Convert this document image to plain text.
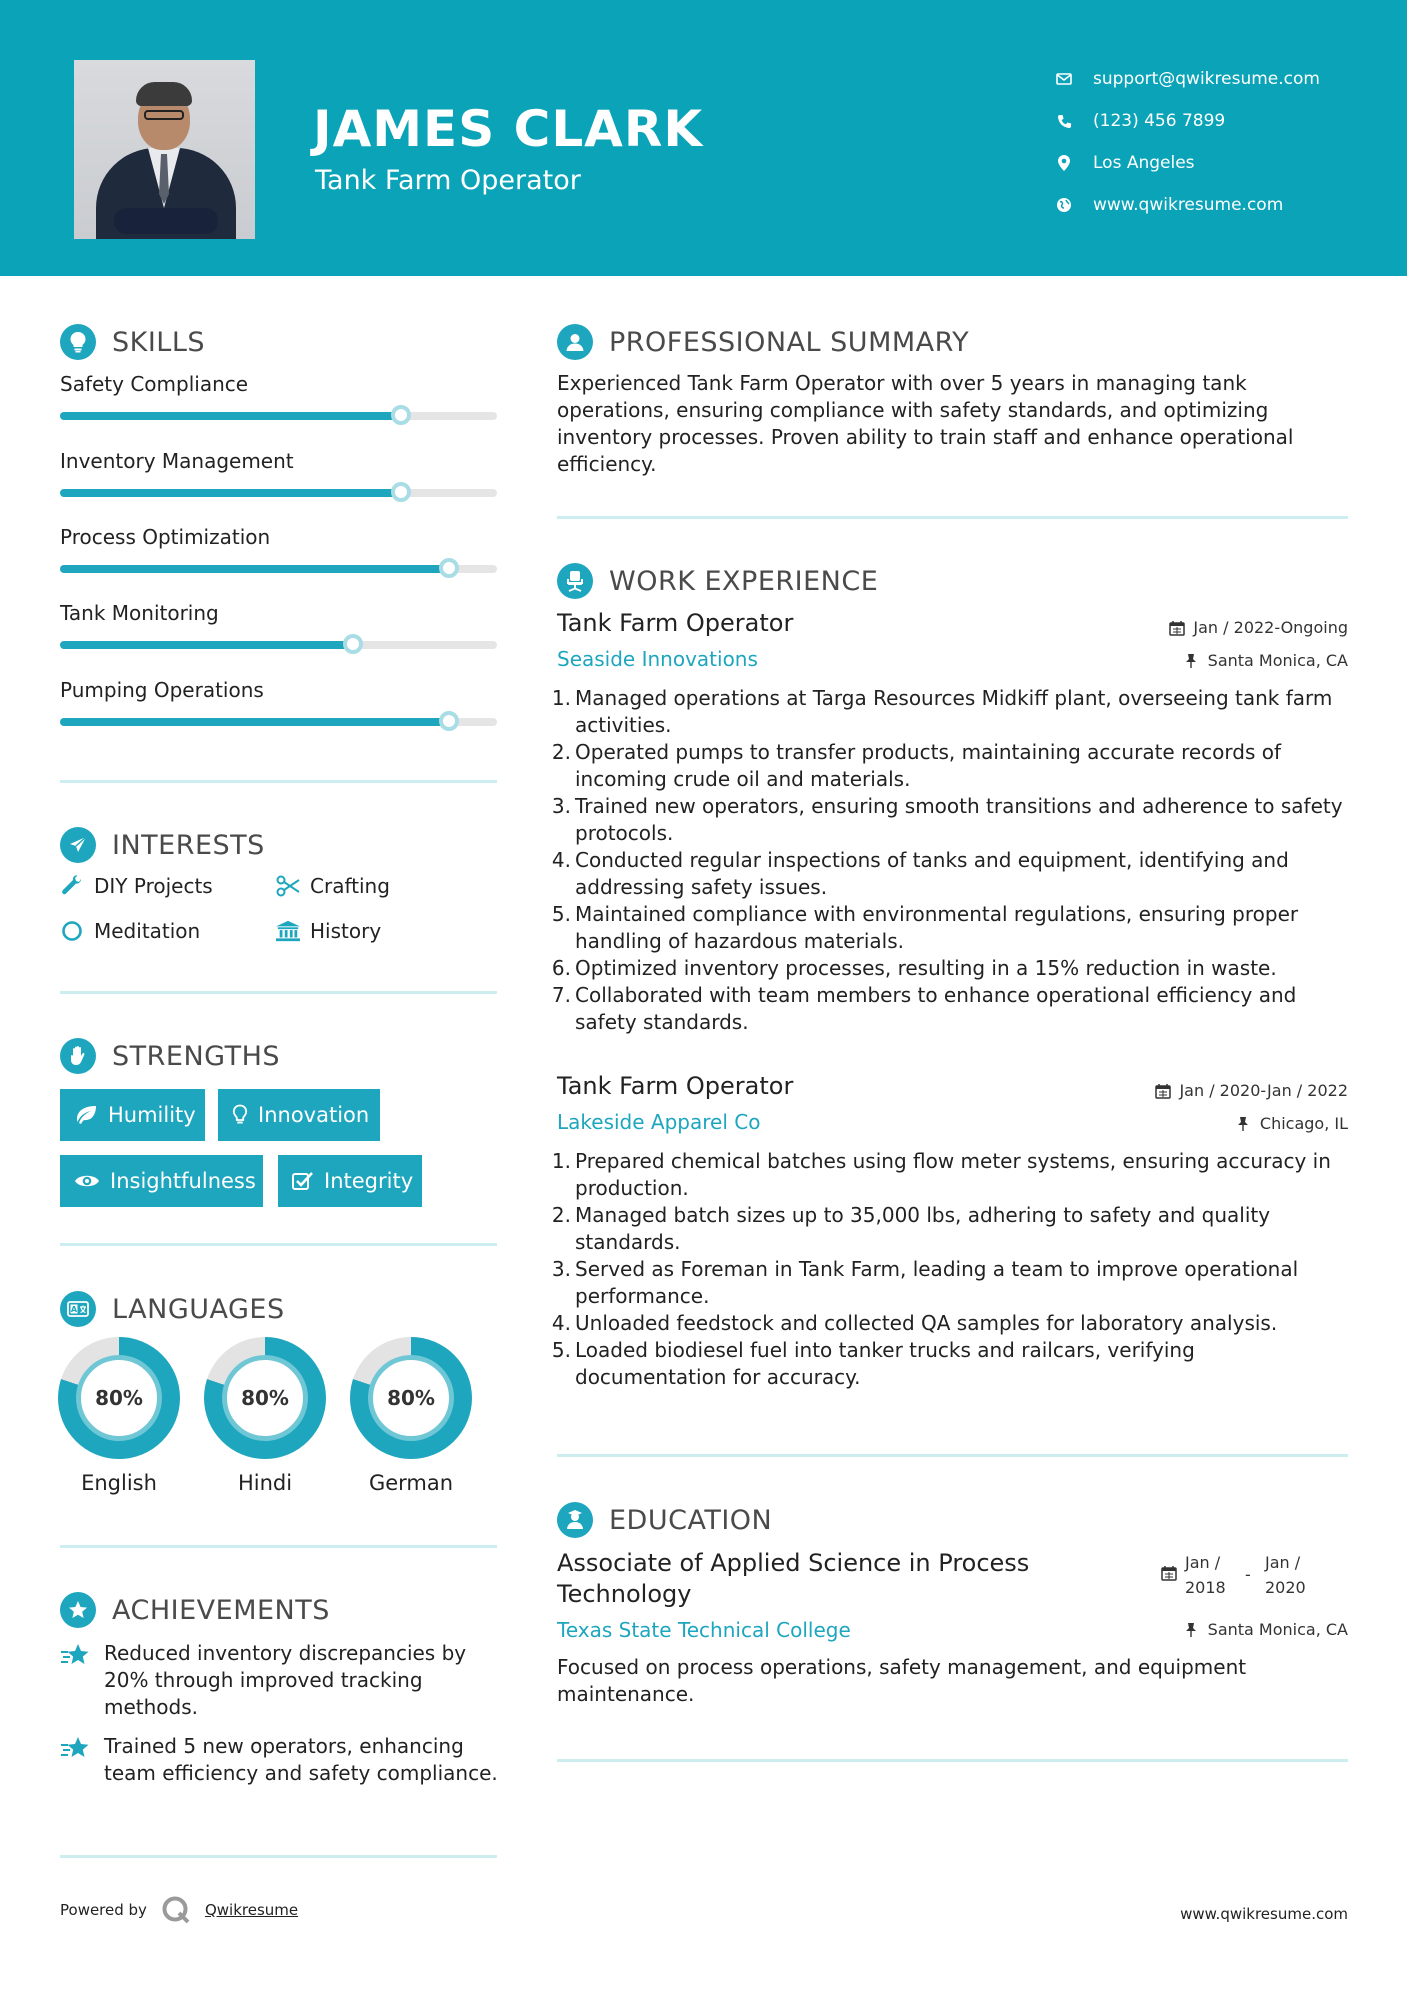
JAMES CLARK
Tank Farm Operator
support@qwikresume.com
(123) 456 7899
Los Angeles
www.qwikresume.com
SKILLS
Safety Compliance
Inventory Management
Process Optimization
Tank Monitoring
Pumping Operations
INTERESTS
DIY Projects	Crafting
Meditation	History
STRENGTHS
Humility	Innovation
Insightfulness	Integrity
A LANGUAGES
80%
English
80%
Hindi
80%
German
ACHIEVEMENTS
Reduced inventory discrepancies by 20% through improved tracking methods.
Trained 5 new operators, enhancing team efficiency and safety compliance.
PROFESSIONAL SUMMARY
Experienced Tank Farm Operator with over 5 years in managing tank operations, ensuring compliance with safety standards, and optimizing inventory processes. Proven ability to train staff and enhance operational efficiency.
WORK EXPERIENCE
Tank Farm Operator
Seaside Innovations
Jan / 2022-Ongoing
Santa Monica, CA
1. Managed operations at Targa Resources Midkiff plant, overseeing tank farm activities.
2. Operated pumps to transfer products, maintaining accurate records of incoming crude oil and materials.
3. Trained new operators, ensuring smooth transitions and adherence to safety protocols.
4. Conducted regular inspections of tanks and equipment, identifying and addressing safety issues.
5. Maintained compliance with environmental regulations, ensuring proper handling of hazardous materials.
6. Optimized inventory processes, resulting in a 15% reduction in waste.
7. Collaborated with team members to enhance operational efficiency and safety standards.
Tank Farm Operator
Lakeside Apparel Co
Jan / 2020-Jan / 2022
Chicago, IL
1. Prepared chemical batches using flow meter systems, ensuring accuracy in production.
2. Managed batch sizes up to 35,000 lbs, adhering to safety and quality standards.
3. Served as Foreman in Tank Farm, leading a team to improve operational performance.
4. Unloaded feedstock and collected QA samples for laboratory analysis.
5. Loaded biodiesel fuel into tanker trucks and railcars, verifying documentation for accuracy.
EDUCATION
Associate of Applied Science in Process Technology
Texas State Technical College
Jan / 2018
-
Jan / 2020
Santa Monica, CA
Focused on process operations, safety management, and equipment maintenance.
Powered by	Qwikresume	www.qwikresume.com
